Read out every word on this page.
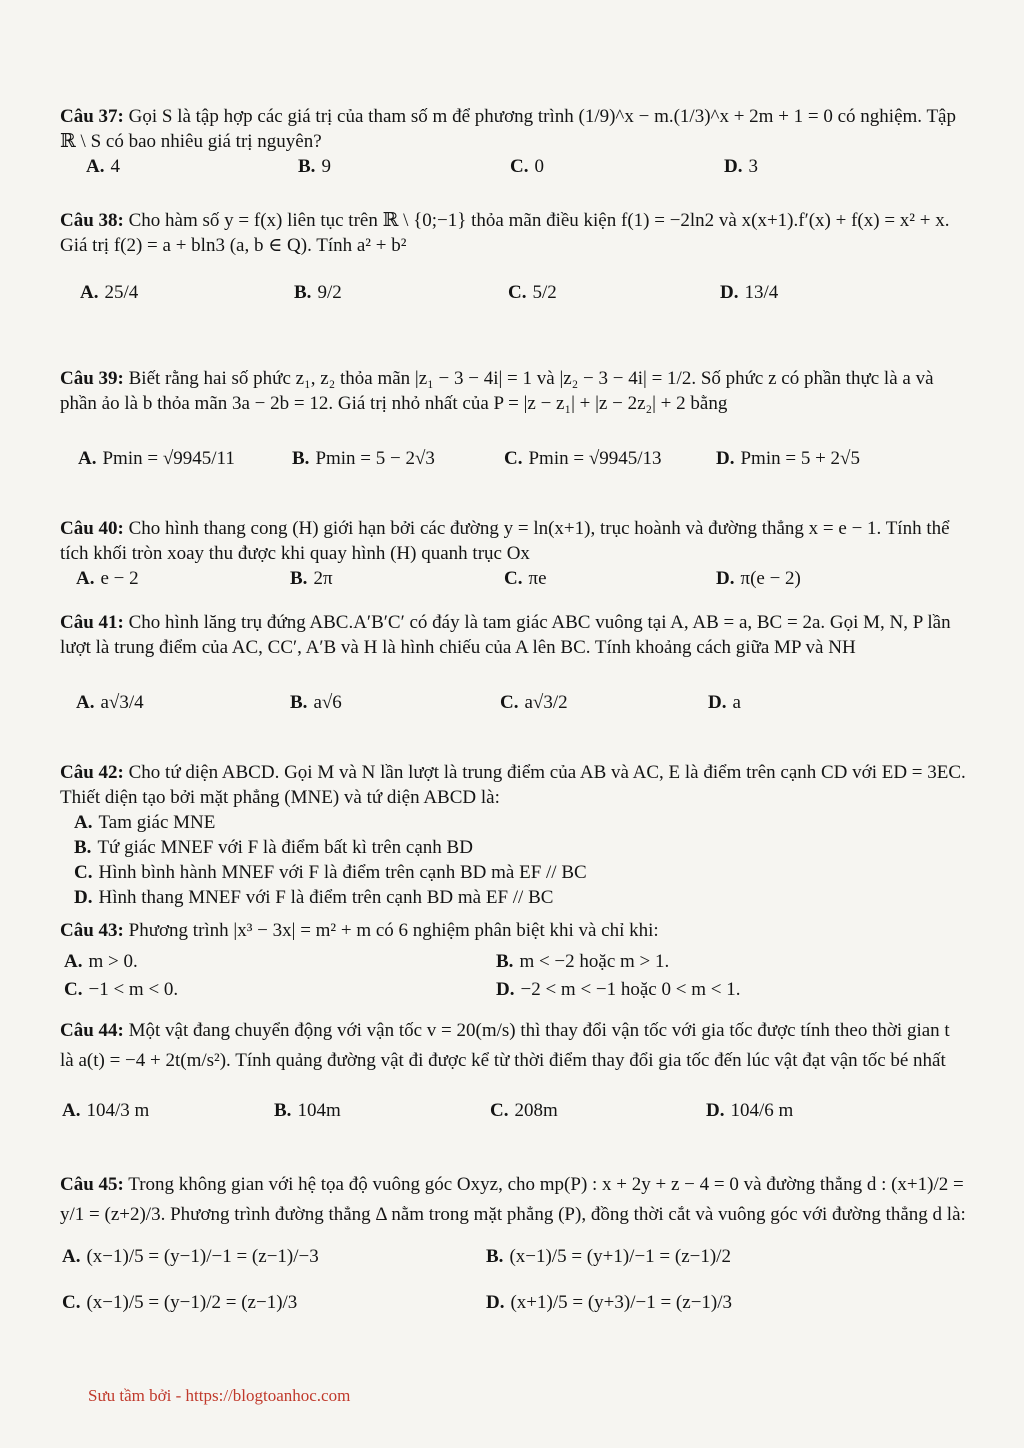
Câu 37: Gọi S là tập hợp các giá trị của tham số m để phương trình (1/9)^x − m.(1/3)^x + 2m + 1 = 0 có nghiệm. Tập ℝ \ S có bao nhiêu giá trị nguyên?

A. 4	B. 9	C. 0	D. 3

Câu 38: Cho hàm số y = f(x) liên tục trên ℝ \ {0;−1} thỏa mãn điều kiện f(1) = −2ln2 và x(x+1).f′(x) + f(x) = x² + x. Giá trị f(2) = a + bln3 (a, b ∈ Q). Tính a² + b²

A. 25/4	B. 9/2	C. 5/2	D. 13/4

Câu 39: Biết rằng hai số phức z₁, z₂ thỏa mãn |z₁ − 3 − 4i| = 1 và |z₂ − 3 − 4i| = 1/2. Số phức z có phần thực là a và phần ảo là b thỏa mãn 3a − 2b = 12. Giá trị nhỏ nhất của P = |z − z₁| + |z − 2z₂| + 2 bằng

A. Pmin = √9945/11	B. Pmin = 5 − 2√3	C. Pmin = √9945/13	D. Pmin = 5 + 2√5

Câu 40: Cho hình thang cong (H) giới hạn bởi các đường y = ln(x+1), trục hoành và đường thẳng x = e − 1. Tính thể tích khối tròn xoay thu được khi quay hình (H) quanh trục Ox

A. e − 2	B. 2π	C. πe	D. π(e − 2)

Câu 41: Cho hình lăng trụ đứng ABC.A′B′C′ có đáy là tam giác ABC vuông tại A, AB = a, BC = 2a. Gọi M, N, P lần lượt là trung điểm của AC, CC′, A′B và H là hình chiếu của A lên BC. Tính khoảng cách giữa MP và NH

A. a√3/4	B. a√6	C. a√3/2	D. a

Câu 42: Cho tứ diện ABCD. Gọi M và N lần lượt là trung điểm của AB và AC, E là điểm trên cạnh CD với ED = 3EC. Thiết diện tạo bởi mặt phẳng (MNE) và tứ diện ABCD là:

A. Tam giác MNE
B. Tứ giác MNEF với F là điểm bất kì trên cạnh BD
C. Hình bình hành MNEF với F là điểm trên cạnh BD mà EF // BC
D. Hình thang MNEF với F là điểm trên cạnh BD mà EF // BC

Câu 43: Phương trình |x³ − 3x| = m² + m có 6 nghiệm phân biệt khi và chỉ khi:

A. m > 0.	B. m < −2 hoặc m > 1.
C. −1 < m < 0.	D. −2 < m < −1 hoặc 0 < m < 1.

Câu 44: Một vật đang chuyển động với vận tốc v = 20(m/s) thì thay đổi vận tốc với gia tốc được tính theo thời gian t là a(t) = −4 + 2t(m/s²). Tính quảng đường vật đi được kể từ thời điểm thay đổi gia tốc đến lúc vật đạt vận tốc bé nhất

A. 104/3 m	B. 104m	C. 208m	D. 104/6 m

Câu 45: Trong không gian với hệ tọa độ vuông góc Oxyz, cho mp(P) : x + 2y + z − 4 = 0 và đường thẳng d : (x+1)/2 = y/1 = (z+2)/3. Phương trình đường thẳng Δ nằm trong mặt phẳng (P), đồng thời cắt và vuông góc với đường thẳng d là:

A. (x−1)/5 = (y−1)/−1 = (z−1)/−3	B. (x−1)/5 = (y+1)/−1 = (z−1)/2
C. (x−1)/5 = (y−1)/2 = (z−1)/3	D. (x+1)/5 = (y+3)/−1 = (z−1)/3
Sưu tầm bởi - https://blogtoanhoc.com
